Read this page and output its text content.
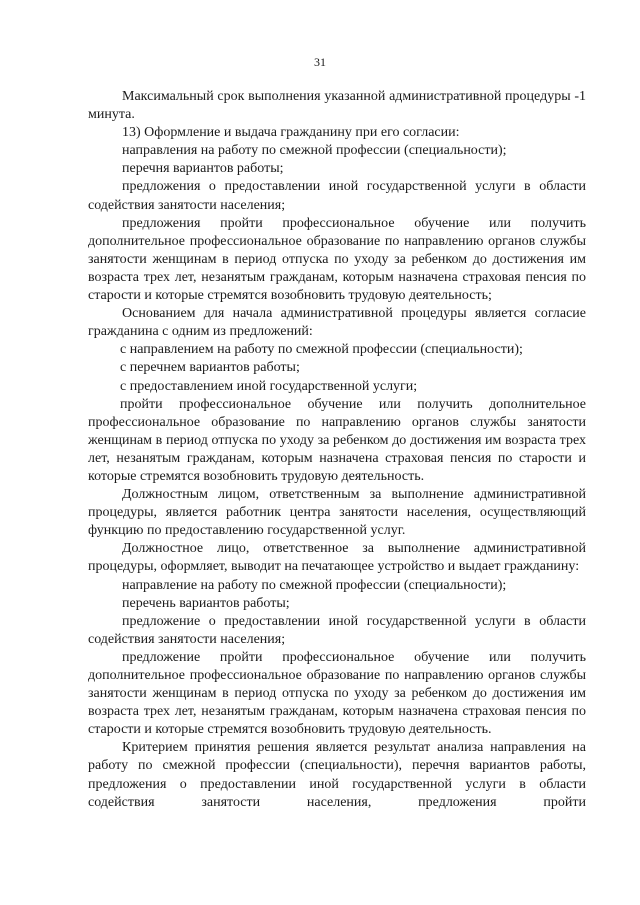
31

Максимальный срок выполнения указанной административной процедуры -1 минута.

13) Оформление и выдача гражданину при его согласии:

направления на работу по смежной профессии (специальности);

перечня вариантов работы;

предложения о предоставлении иной государственной услуги в области содействия занятости населения;

предложения пройти профессиональное обучение или получить дополнительное профессиональное образование по направлению органов службы занятости женщинам в период отпуска по уходу за ребенком до достижения им возраста трех лет, незанятым гражданам, которым назначена страховая пенсия по старости и которые стремятся возобновить трудовую деятельность;

Основанием для начала административной процедуры является согласие гражданина с одним из предложений:

с направлением на работу по смежной профессии (специальности);

с перечнем вариантов работы;

с предоставлением иной государственной услуги;

пройти профессиональное обучение или получить дополнительное профессиональное образование по направлению органов службы занятости женщинам в период отпуска по уходу за ребенком до достижения им возраста трех лет, незанятым гражданам, которым назначена страховая пенсия по старости и которые стремятся возобновить трудовую деятельность.

Должностным лицом, ответственным за выполнение административной процедуры, является работник центра занятости населения, осуществляющий функцию по предоставлению государственной услуг.

Должностное лицо, ответственное за выполнение административной процедуры, оформляет, выводит на печатающее устройство и выдает гражданину:

направление на работу по смежной профессии (специальности);

перечень вариантов работы;

предложение о предоставлении иной государственной услуги в области содействия занятости населения;

предложение пройти профессиональное обучение или получить дополнительное профессиональное образование по направлению органов службы занятости женщинам в период отпуска по уходу за ребенком до достижения им возраста трех лет, незанятым гражданам, которым назначена страховая пенсия по старости и которые стремятся возобновить трудовую деятельность.

Критерием принятия решения является результат анализа направления на работу по смежной профессии (специальности), перечня вариантов работы, предложения о предоставлении иной государственной услуги в области содействия занятости населения, предложения пройти
